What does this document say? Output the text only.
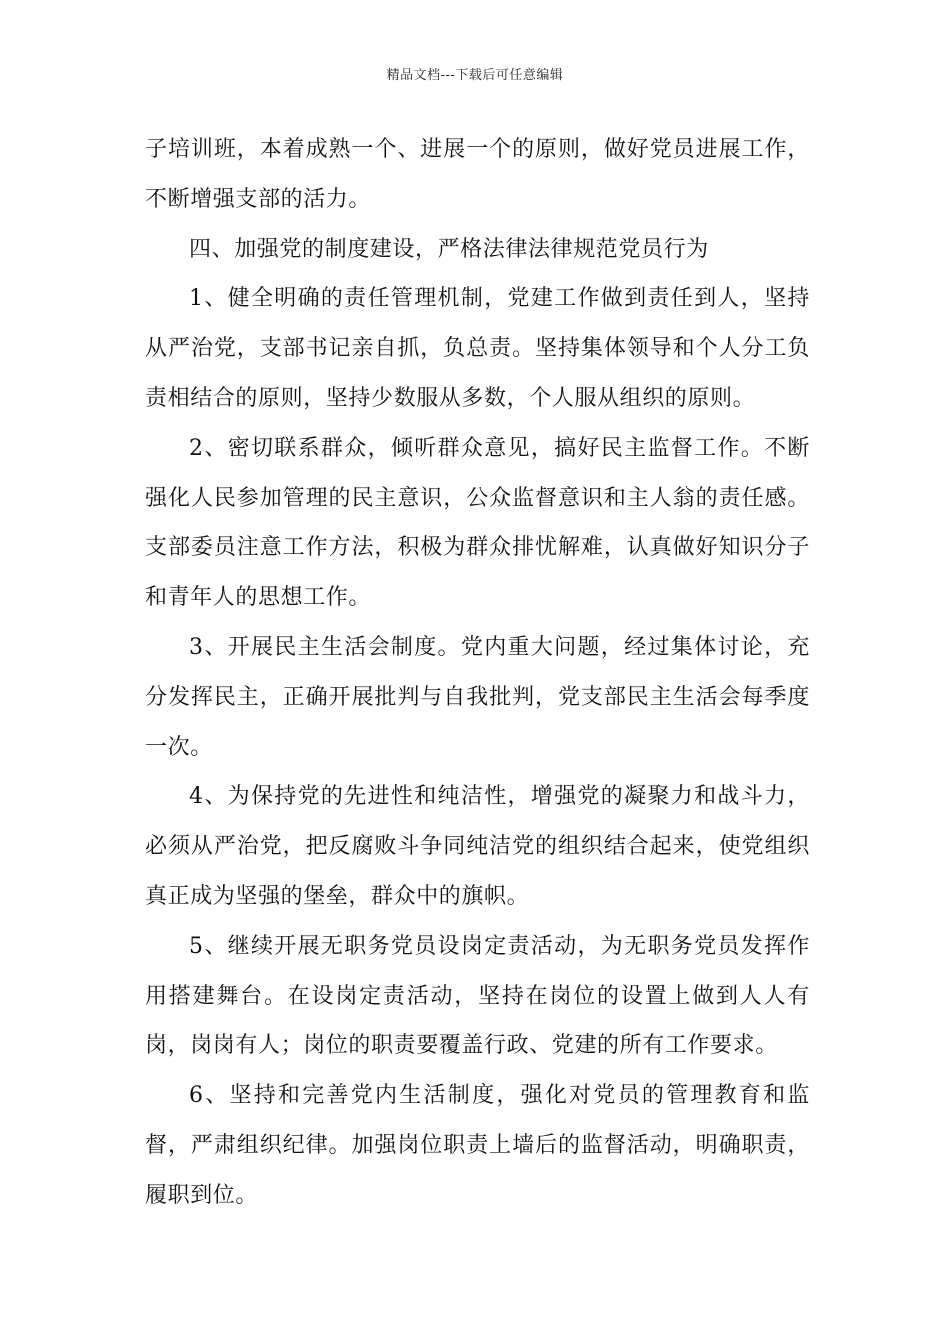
精品文档---下载后可任意编辑

子培训班，本着成熟一个、进展一个的原则，做好党员进展工作，不断增强支部的活力。

四、加强党的制度建设，严格法律法律规范党员行为

1、健全明确的责任管理机制，党建工作做到责任到人，坚持从严治党，支部书记亲自抓，负总责。坚持集体领导和个人分工负责相结合的原则，坚持少数服从多数，个人服从组织的原则。

2、密切联系群众，倾听群众意见，搞好民主监督工作。不断强化人民参加管理的民主意识，公众监督意识和主人翁的责任感。支部委员注意工作方法，积极为群众排忧解难，认真做好知识分子和青年人的思想工作。

3、开展民主生活会制度。党内重大问题，经过集体讨论，充分发挥民主，正确开展批判与自我批判，党支部民主生活会每季度一次。

4、为保持党的先进性和纯洁性，增强党的凝聚力和战斗力，必须从严治党，把反腐败斗争同纯洁党的组织结合起来，使党组织真正成为坚强的堡垒，群众中的旗帜。

5、继续开展无职务党员设岗定责活动，为无职务党员发挥作用搭建舞台。在设岗定责活动，坚持在岗位的设置上做到人人有岗，岗岗有人；岗位的职责要覆盖行政、党建的所有工作要求。

6、坚持和完善党内生活制度，强化对党员的管理教育和监督，严肃组织纪律。加强岗位职责上墙后的监督活动，明确职责，履职到位。
